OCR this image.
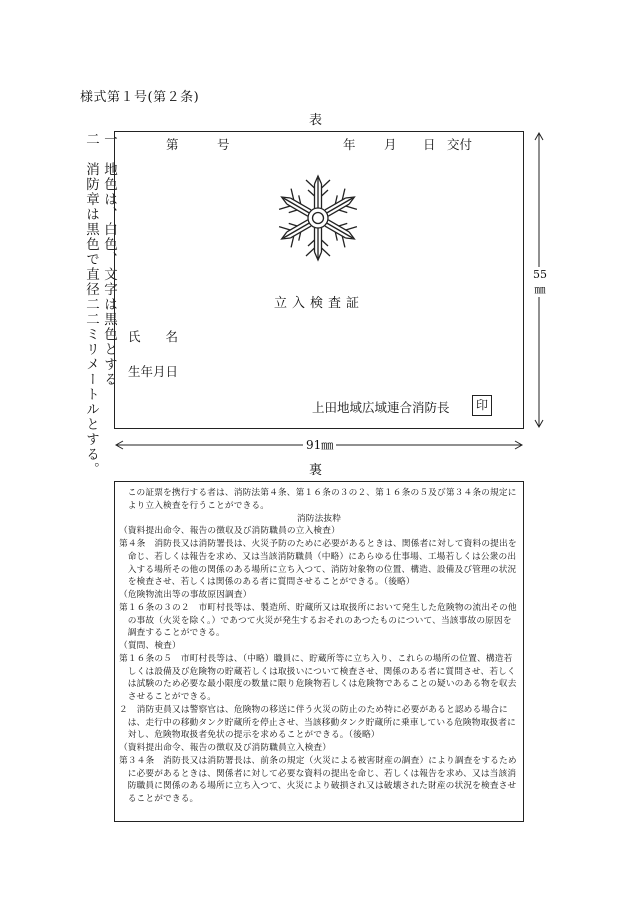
様式第１号(第２条)
表
一　地色は、白色、文字は黒色とする
二　消防章は黒色で直径二二ミリメートルとする。	第	号	年 月 日 交付
立入検査証
氏　　名
生年月日
上田地域広域連合消防長	印
91㎜
55
㎜
裏

この証票を携行する者は、消防法第４条、第１６条の３の２、第１６条の５及び第３４条の規定により立入検査を行うことができる。

消防法抜粋

（資料提出命令、報告の徴収及び消防職員の立入検査）

第４条　消防長又は消防署長は、火災予防のために必要があるときは、関係者に対して資料の提出を命じ、若しくは報告を求め、又は当該消防職員（中略）にあらゆる仕事場、工場若しくは公衆の出入する場所その他の関係のある場所に立ち入つて、消防対象物の位置、構造、設備及び管理の状況を検査させ、若しくは関係のある者に質問させることができる。（後略）

（危険物流出等の事故原因調査）

第１６条の３の２　市町村長等は、製造所、貯蔵所又は取扱所において発生した危険物の流出その他の事故（火災を除く。）であつて火災が発生するおそれのあつたものについて、当該事故の原因を調査することができる。

（質問、検査）

第１６条の５　市町村長等は、（中略）職員に、貯蔵所等に立ち入り、これらの場所の位置、構造若しくは設備及び危険物の貯蔵若しくは取扱いについて検査させ、関係のある者に質問させ、若しくは試験のため必要な最小限度の数量に限り危険物若しくは危険物であることの疑いのある物を収去させることができる。

２　消防吏員又は警察官は、危険物の移送に伴う火災の防止のため特に必要があると認める場合には、走行中の移動タンク貯蔵所を停止させ、当該移動タンク貯蔵所に乗車している危険物取扱者に対し、危険物取扱者免状の提示を求めることができる。（後略）

（資料提出命令、報告の徴収及び消防職員立入検査）

第３４条　消防長又は消防署長は、前条の規定（火災による被害財産の調査）により調査をするために必要があるときは、関係者に対して必要な資料の提出を命じ、若しくは報告を求め、又は当該消防職員に関係のある場所に立ち入つて、火災により破損され又は破壊された財産の状況を検査させることができる。
